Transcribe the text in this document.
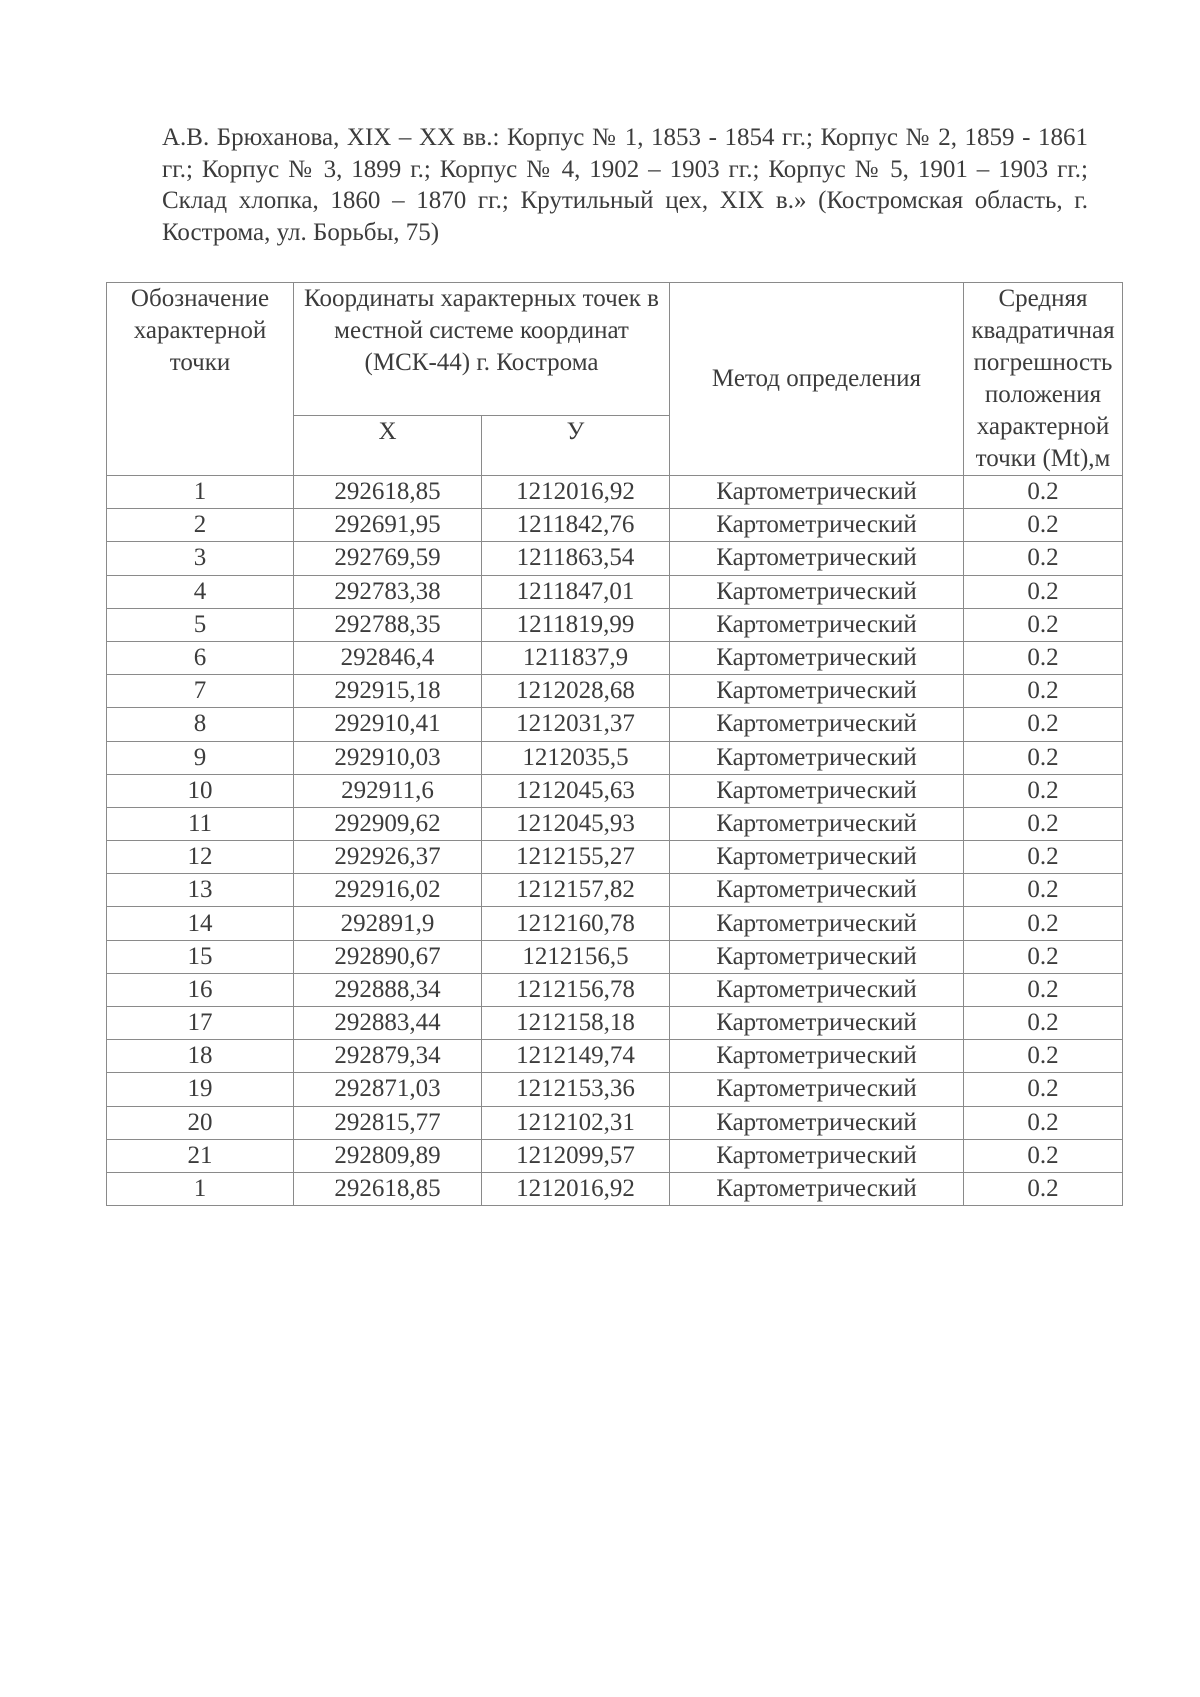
А.В. Брюханова, XIX – XX вв.: Корпус № 1, 1853 - 1854 гг.; Корпус № 2, 1859 - 1861 гг.; Корпус № 3, 1899 г.; Корпус № 4, 1902 – 1903 гг.; Корпус № 5, 1901 – 1903 гг.; Склад хлопка, 1860 – 1870 гг.; Крутильный цех, XIX в.» (Костромская область, г. Кострома, ул. Борьбы, 75)

Обозначение характерной точки	Координаты характерных точек в местной системе координат (МСК-44) г. Кострома		Метод определения	Средняя квадратичная погрешность положения характерной точки (Mt),м
	X	У		
1	292618,85	1212016,92	Картометрический	0.2
2	292691,95	1211842,76	Картометрический	0.2
3	292769,59	1211863,54	Картометрический	0.2
4	292783,38	1211847,01	Картометрический	0.2
5	292788,35	1211819,99	Картометрический	0.2
6	292846,4	1211837,9	Картометрический	0.2
7	292915,18	1212028,68	Картометрический	0.2
8	292910,41	1212031,37	Картометрический	0.2
9	292910,03	1212035,5	Картометрический	0.2
10	292911,6	1212045,63	Картометрический	0.2
11	292909,62	1212045,93	Картометрический	0.2
12	292926,37	1212155,27	Картометрический	0.2
13	292916,02	1212157,82	Картометрический	0.2
14	292891,9	1212160,78	Картометрический	0.2
15	292890,67	1212156,5	Картометрический	0.2
16	292888,34	1212156,78	Картометрический	0.2
17	292883,44	1212158,18	Картометрический	0.2
18	292879,34	1212149,74	Картометрический	0.2
19	292871,03	1212153,36	Картометрический	0.2
20	292815,77	1212102,31	Картометрический	0.2
21	292809,89	1212099,57	Картометрический	0.2
1	292618,85	1212016,92	Картометрический	0.2
